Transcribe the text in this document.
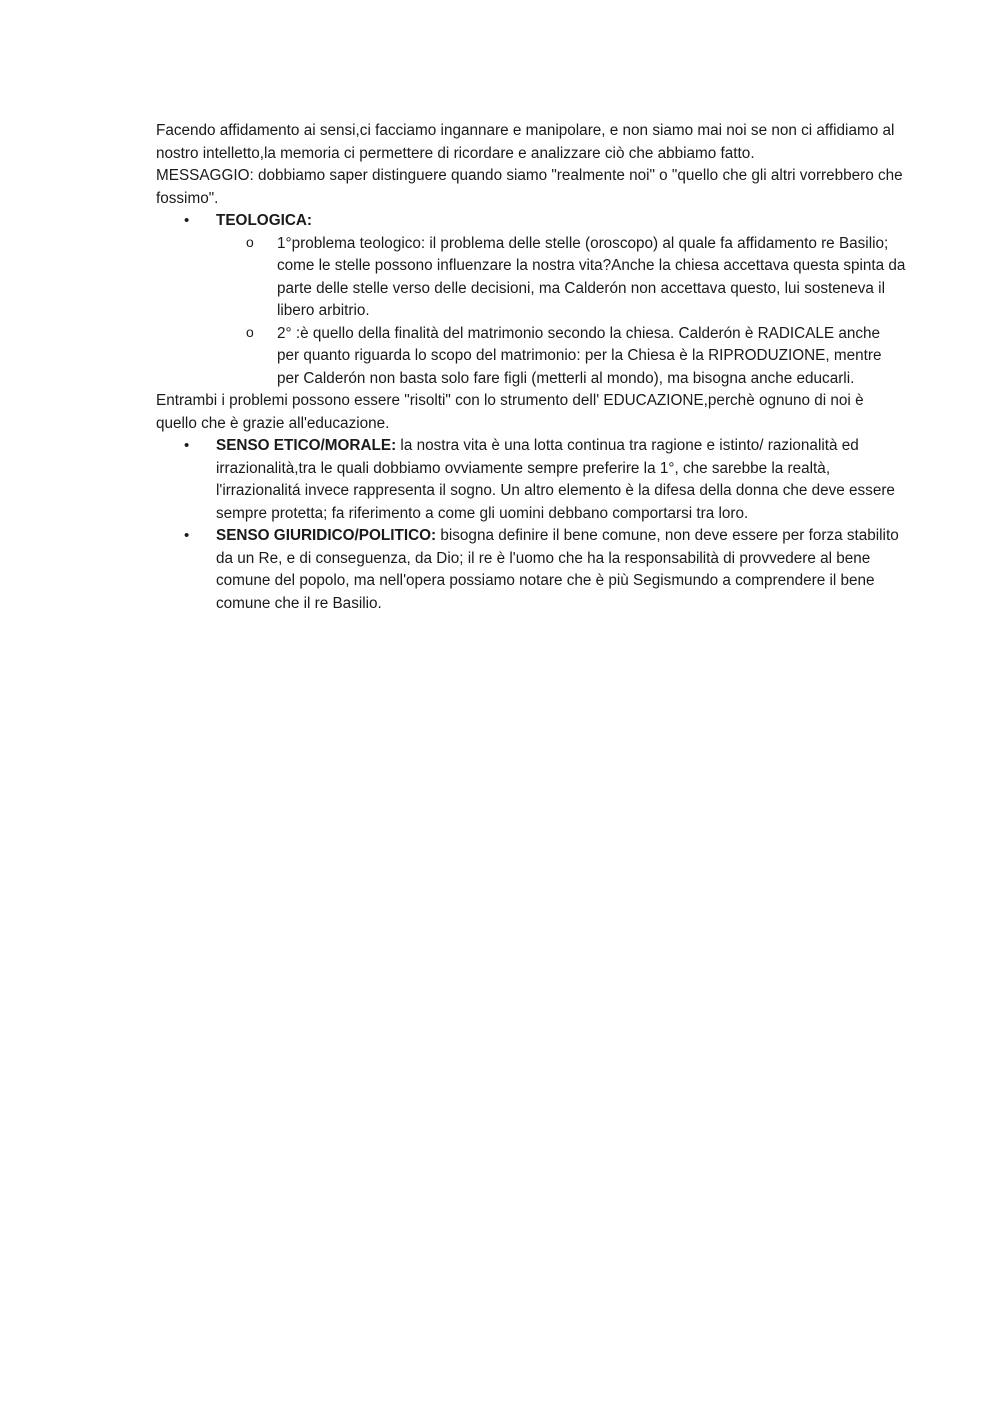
Facendo affidamento ai sensi,ci facciamo ingannare e manipolare, e non siamo mai noi se non ci affidiamo al nostro intelletto,la memoria ci permettere di ricordare e analizzare ciò che abbiamo fatto.

MESSAGGIO: dobbiamo saper distinguere quando siamo "realmente noi" o "quello che gli altri vorrebbero che fossimo".

• TEOLOGICA:
o 1°problema teologico: il problema delle stelle (oroscopo) al quale fa affidamento re Basilio; come le stelle possono influenzare la nostra vita?Anche la chiesa accettava questa spinta da parte delle stelle verso delle decisioni, ma Calderón non accettava questo, lui sosteneva il libero arbitrio.
o 2° :è quello della finalità del matrimonio secondo la chiesa. Calderón è RADICALE anche per quanto riguarda lo scopo del matrimonio: per la Chiesa è la RIPRODUZIONE, mentre per Calderón non basta solo fare figli (metterli al mondo), ma bisogna anche educarli.

Entrambi i problemi possono essere "risolti" con lo strumento dell' EDUCAZIONE,perchè ognuno di noi è quello che è grazie all'educazione.

• SENSO ETICO/MORALE: la nostra vita è una lotta continua tra ragione e istinto/ razionalità ed irrazionalità,tra le quali dobbiamo ovviamente sempre preferire la 1°, che sarebbe la realtà, l'irrazionalitá invece rappresenta il sogno. Un altro elemento è la difesa della donna che deve essere sempre protetta; fa riferimento a come gli uomini debbano comportarsi tra loro.
• SENSO GIURIDICO/POLITICO: bisogna definire il bene comune, non deve essere per forza stabilito da un Re, e di conseguenza, da Dio; il re è l'uomo che ha la responsabilità di provvedere al bene comune del popolo, ma nell'opera possiamo notare che è più Segismundo a comprendere il bene comune che il re Basilio.
